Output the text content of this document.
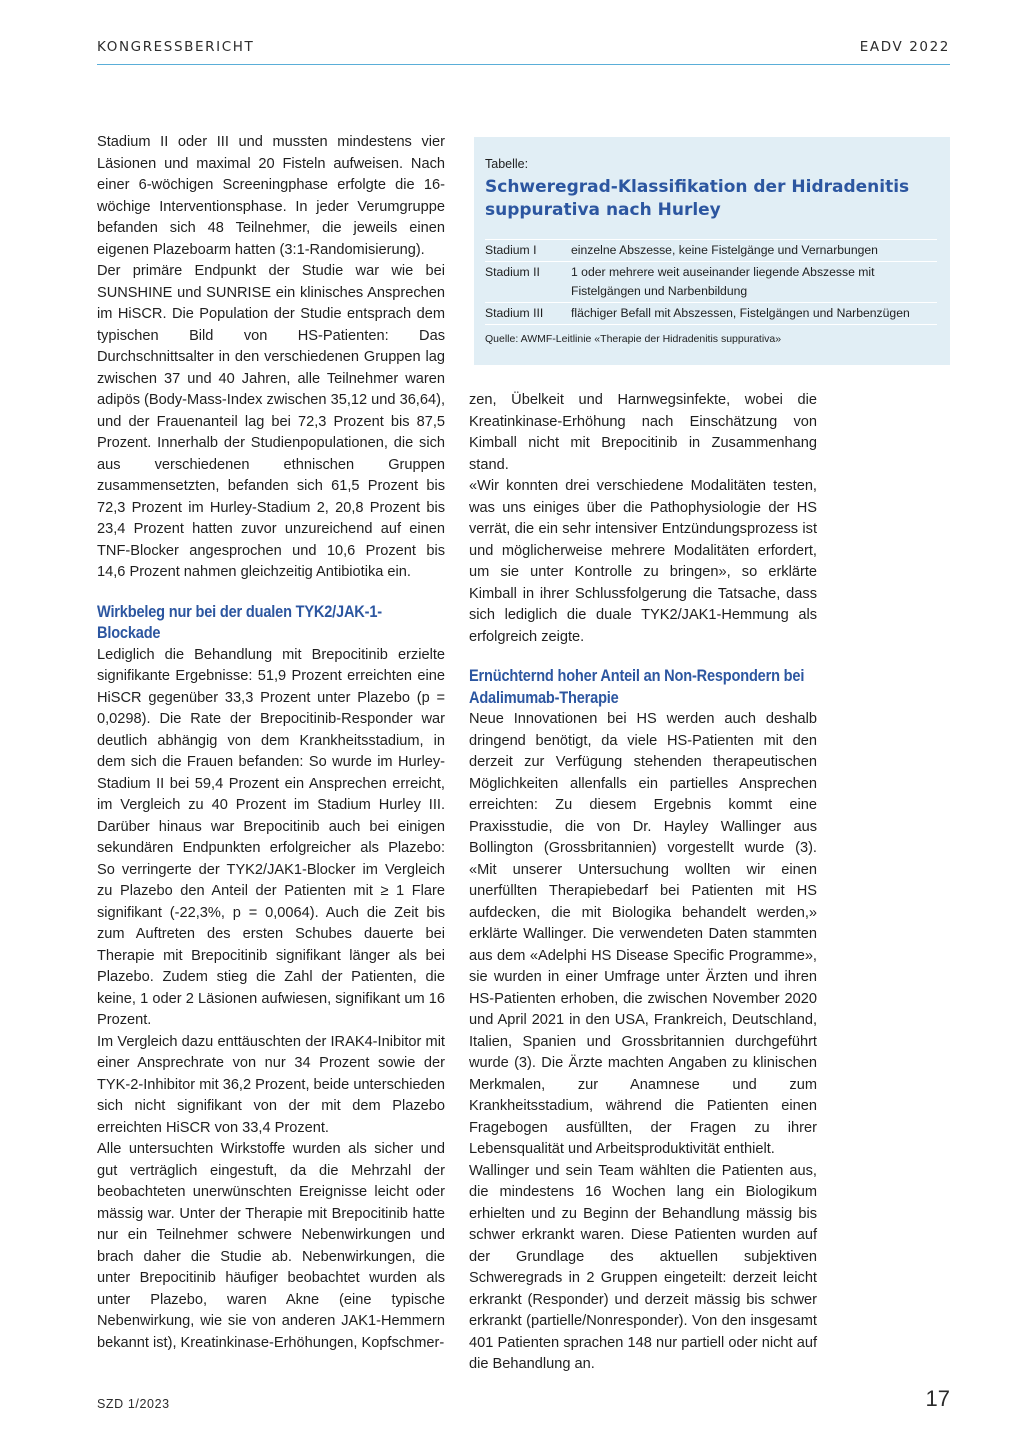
KONGRESSBERICHT	EADV 2022

Stadium II oder III und mussten mindestens vier Läsionen und maximal 20 Fisteln aufweisen. Nach einer 6-wöchigen Screeningphase erfolgte die 16-wöchige Interventionsphase. In jeder Verumgruppe befanden sich 48 Teilnehmer, die jeweils einen eigenen Plazeboarm hatten (3:1-Randomisierung).

Der primäre Endpunkt der Studie war wie bei SUNSHINE und SUNRISE ein klinisches Ansprechen im HiSCR. Die Population der Studie entsprach dem typischen Bild von HS-Patienten: Das Durchschnittsalter in den verschiedenen Gruppen lag zwischen 37 und 40 Jahren, alle Teilnehmer waren adipös (Body-Mass-Index zwischen 35,12 und 36,64), und der Frauenanteil lag bei 72,3 Prozent bis 87,5 Prozent. Innerhalb der Studienpopulationen, die sich aus verschiedenen ethnischen Gruppen zusammensetzten, befanden sich 61,5 Prozent bis 72,3 Prozent im Hurley-Stadium 2, 20,8 Prozent bis 23,4 Prozent hatten zuvor unzureichend auf einen TNF-Blocker angesprochen und 10,6 Prozent bis 14,6 Prozent nahmen gleichzeitig Antibiotika ein.

Wirkbeleg nur bei der dualen TYK2/JAK-1-Blockade

Lediglich die Behandlung mit Brepocitinib erzielte signifikante Ergebnisse: 51,9 Prozent erreichten eine HiSCR gegenüber 33,3 Prozent unter Plazebo (p = 0,0298). Die Rate der Brepocitinib-Responder war deutlich abhängig von dem Krankheitsstadium, in dem sich die Frauen befanden: So wurde im Hurley-Stadium II bei 59,4 Prozent ein Ansprechen erreicht, im Vergleich zu 40 Prozent im Stadium Hurley III. Darüber hinaus war Brepocitinib auch bei einigen sekundären Endpunkten erfolgreicher als Plazebo: So verringerte der TYK2/JAK1-Blocker im Vergleich zu Plazebo den Anteil der Patienten mit ≥ 1 Flare signifikant (-22,3%, p = 0,0064). Auch die Zeit bis zum Auftreten des ersten Schubes dauerte bei Therapie mit Brepocitinib signifikant länger als bei Plazebo. Zudem stieg die Zahl der Patienten, die keine, 1 oder 2 Läsionen aufwiesen, signifikant um 16 Prozent.

Im Vergleich dazu enttäuschten der IRAK4-Inibitor mit einer Ansprechrate von nur 34 Prozent sowie der TYK-2-Inhibitor mit 36,2 Prozent, beide unterschieden sich nicht signifikant von der mit dem Plazebo erreichten HiSCR von 33,4 Prozent.

Alle untersuchten Wirkstoffe wurden als sicher und gut verträglich eingestuft, da die Mehrzahl der beobachteten unerwünschten Ereignisse leicht oder mässig war. Unter der Therapie mit Brepocitinib hatte nur ein Teilnehmer schwere Nebenwirkungen und brach daher die Studie ab. Nebenwirkungen, die unter Brepocitinib häufiger beobachtet wurden als unter Plazebo, waren Akne (eine typische Nebenwirkung, wie sie von anderen JAK1-Hemmern bekannt ist), Kreatinkinase-Erhöhungen, Kopfschmer-

Tabelle:
Schweregrad-Klassifikation der Hidradenitis suppurativa nach Hurley
Stadium I	einzelne Abszesse, keine Fistelgänge und Vernarbungen
Stadium II	1 oder mehrere weit auseinander liegende Abszesse mit Fistelgängen und Narbenbildung
Stadium III	flächiger Befall mit Abszessen, Fistelgängen und Narbenzügen
Quelle: AWMF-Leitlinie «Therapie der Hidradenitis suppurativa»

zen, Übelkeit und Harnwegsinfekte, wobei die Kreatinkinase-Erhöhung nach Einschätzung von Kimball nicht mit Brepocitinib in Zusammenhang stand.

«Wir konnten drei verschiedene Modalitäten testen, was uns einiges über die Pathophysiologie der HS verrät, die ein sehr intensiver Entzündungsprozess ist und möglicherweise mehrere Modalitäten erfordert, um sie unter Kontrolle zu bringen», so erklärte Kimball in ihrer Schlussfolgerung die Tatsache, dass sich lediglich die duale TYK2/JAK1-Hemmung als erfolgreich zeigte.

Ernüchternd hoher Anteil an Non-Respondern bei Adalimumab-Therapie

Neue Innovationen bei HS werden auch deshalb dringend benötigt, da viele HS-Patienten mit den derzeit zur Verfügung stehenden therapeutischen Möglichkeiten allenfalls ein partielles Ansprechen erreichten: Zu diesem Ergebnis kommt eine Praxisstudie, die von Dr. Hayley Wallinger aus Bollington (Grossbritannien) vorgestellt wurde (3). «Mit unserer Untersuchung wollten wir einen unerfüllten Therapiebedarf bei Patienten mit HS aufdecken, die mit Biologika behandelt werden,» erklärte Wallinger. Die verwendeten Daten stammten aus dem «Adelphi HS Disease Specific Programme», sie wurden in einer Umfrage unter Ärzten und ihren HS-Patienten erhoben, die zwischen November 2020 und April 2021 in den USA, Frankreich, Deutschland, Italien, Spanien und Grossbritannien durchgeführt wurde (3). Die Ärzte machten Angaben zu klinischen Merkmalen, zur Anamnese und zum Krankheitsstadium, während die Patienten einen Fragebogen ausfüllten, der Fragen zu ihrer Lebensqualität und Arbeitsproduktivität enthielt.

Wallinger und sein Team wählten die Patienten aus, die mindestens 16 Wochen lang ein Biologikum erhielten und zu Beginn der Behandlung mässig bis schwer erkrankt waren. Diese Patienten wurden auf der Grundlage des aktuellen subjektiven Schweregrads in 2 Gruppen eingeteilt: derzeit leicht erkrankt (Responder) und derzeit mässig bis schwer erkrankt (partielle/Nonresponder). Von den insgesamt 401 Patienten sprachen 148 nur partiell oder nicht auf die Behandlung an.

SZD 1/2023	17
